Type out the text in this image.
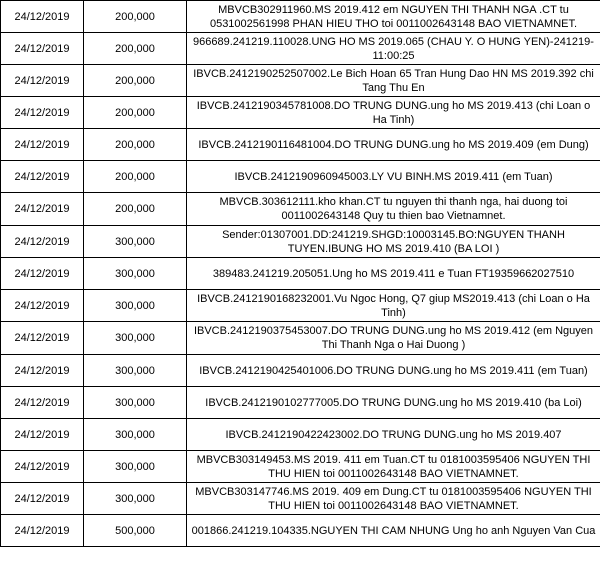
24/12/2019	200,000	MBVCB302911960.MS 2019.412 em NGUYEN THI THANH NGA .CT tu 0531002561998 PHAN HIEU THO toi 0011002643148 BAO VIETNAMNET.
24/12/2019	200,000	966689.241219.110028.UNG HO MS 2019.065 (CHAU Y. O HUNG YEN)-241219-11:00:25
24/12/2019	200,000	IBVCB.2412190252507002.Le Bich Hoan 65 Tran Hung Dao HN MS 2019.392 chi Tang Thu En
24/12/2019	200,000	IBVCB.2412190345781008.DO TRUNG DUNG.ung ho MS 2019.413 (chi Loan o Ha Tinh)
24/12/2019	200,000	IBVCB.2412190116481004.DO TRUNG DUNG.ung ho MS 2019.409 (em Dung)
24/12/2019	200,000	IBVCB.2412190960945003.LY VU BINH.MS 2019.411 (em Tuan)
24/12/2019	200,000	MBVCB.303612111.kho khan.CT tu nguyen thi thanh nga, hai duong toi 0011002643148 Quy tu thien bao Vietnamnet.
24/12/2019	300,000	Sender:01307001.DD:241219.SHGD:10003145.BO:NGUYEN THANH TUYEN.IBUNG HO MS 2019.410 (BA LOI )
24/12/2019	300,000	389483.241219.205051.Ung ho MS 2019.411 e Tuan FT19359662027510
24/12/2019	300,000	IBVCB.2412190168232001.Vu Ngoc Hong, Q7 giup MS2019.413 (chi Loan o Ha Tinh)
24/12/2019	300,000	IBVCB.2412190375453007.DO TRUNG DUNG.ung ho MS 2019.412 (em Nguyen Thi Thanh Nga o Hai Duong )
24/12/2019	300,000	IBVCB.2412190425401006.DO TRUNG DUNG.ung ho MS 2019.411 (em Tuan)
24/12/2019	300,000	IBVCB.2412190102777005.DO TRUNG DUNG.ung ho MS 2019.410 (ba Loi)
24/12/2019	300,000	IBVCB.2412190422423002.DO TRUNG DUNG.ung ho MS 2019.407
24/12/2019	300,000	MBVCB303149453.MS 2019. 411 em Tuan.CT tu 0181003595406 NGUYEN THI THU HIEN toi 0011002643148 BAO VIETNAMNET.
24/12/2019	300,000	MBVCB303147746.MS 2019. 409 em Dung.CT tu 0181003595406 NGUYEN THI THU HIEN toi 0011002643148 BAO VIETNAMNET.
24/12/2019	500,000	001866.241219.104335.NGUYEN THI CAM NHUNG Ung ho anh Nguyen Van Cua
